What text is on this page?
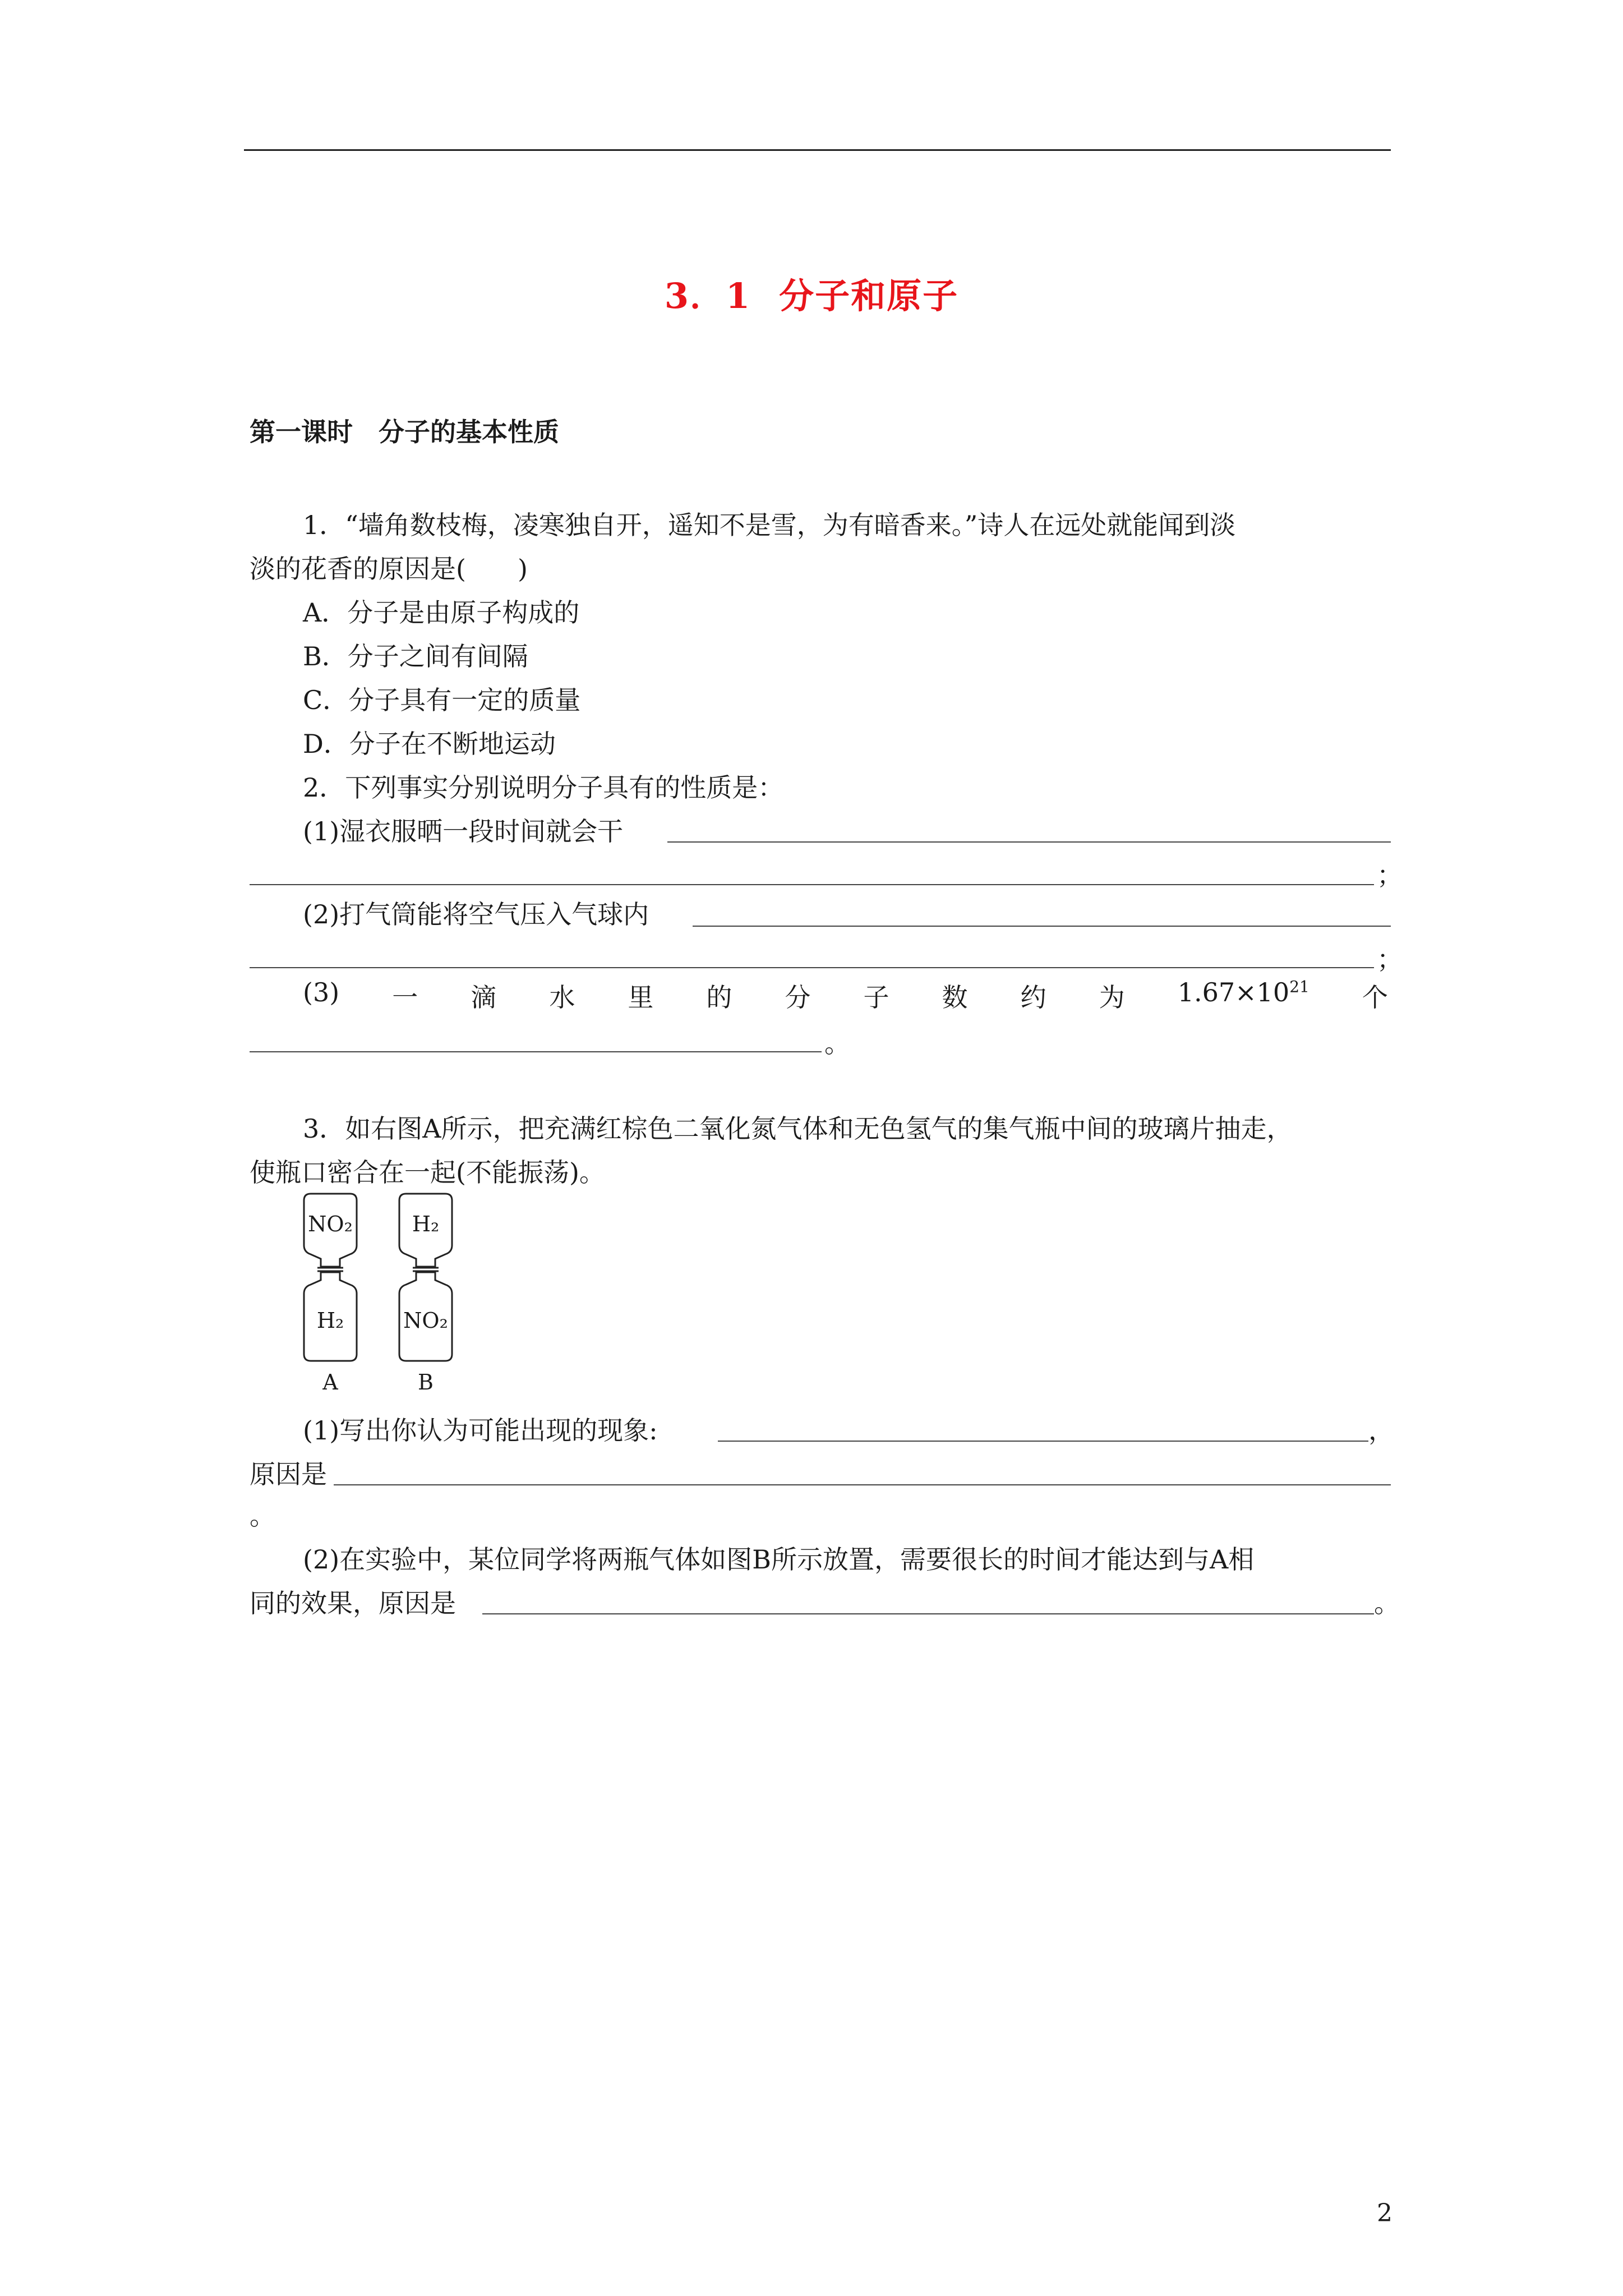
3．1 分子和原子
第一课时　分子的基本性质
1．“墙角数枝梅，凌寒独自开，遥知不是雪，为有暗香来。”诗人在远处就能闻到淡
淡的花香的原因是(　　)
A．分子是由原子构成的
B．分子之间有间隔
C．分子具有一定的质量
D．分子在不断地运动
2．下列事实分别说明分子具有的性质是：
(1)湿衣服晒一段时间就会干
；
(2)打气筒能将空气压入气球内
；
(3) 一 滴 水 里 的 分 子 数 约 为 $1.67\times 10^{21}$ 个
。
3．如右图A所示，把充满红棕色二氧化氮气体和无色氢气的集气瓶中间的玻璃片抽走，
使瓶口密合在一起(不能振荡)。
NO₂
H₂
H₂
NO₂
A	B
(1)写出你认为可能出现的现象:	，
原因是
。
(2)在实验中，某位同学将两瓶气体如图B所示放置，需要很长的时间才能达到与A相
同的效果，原因是	。
2
